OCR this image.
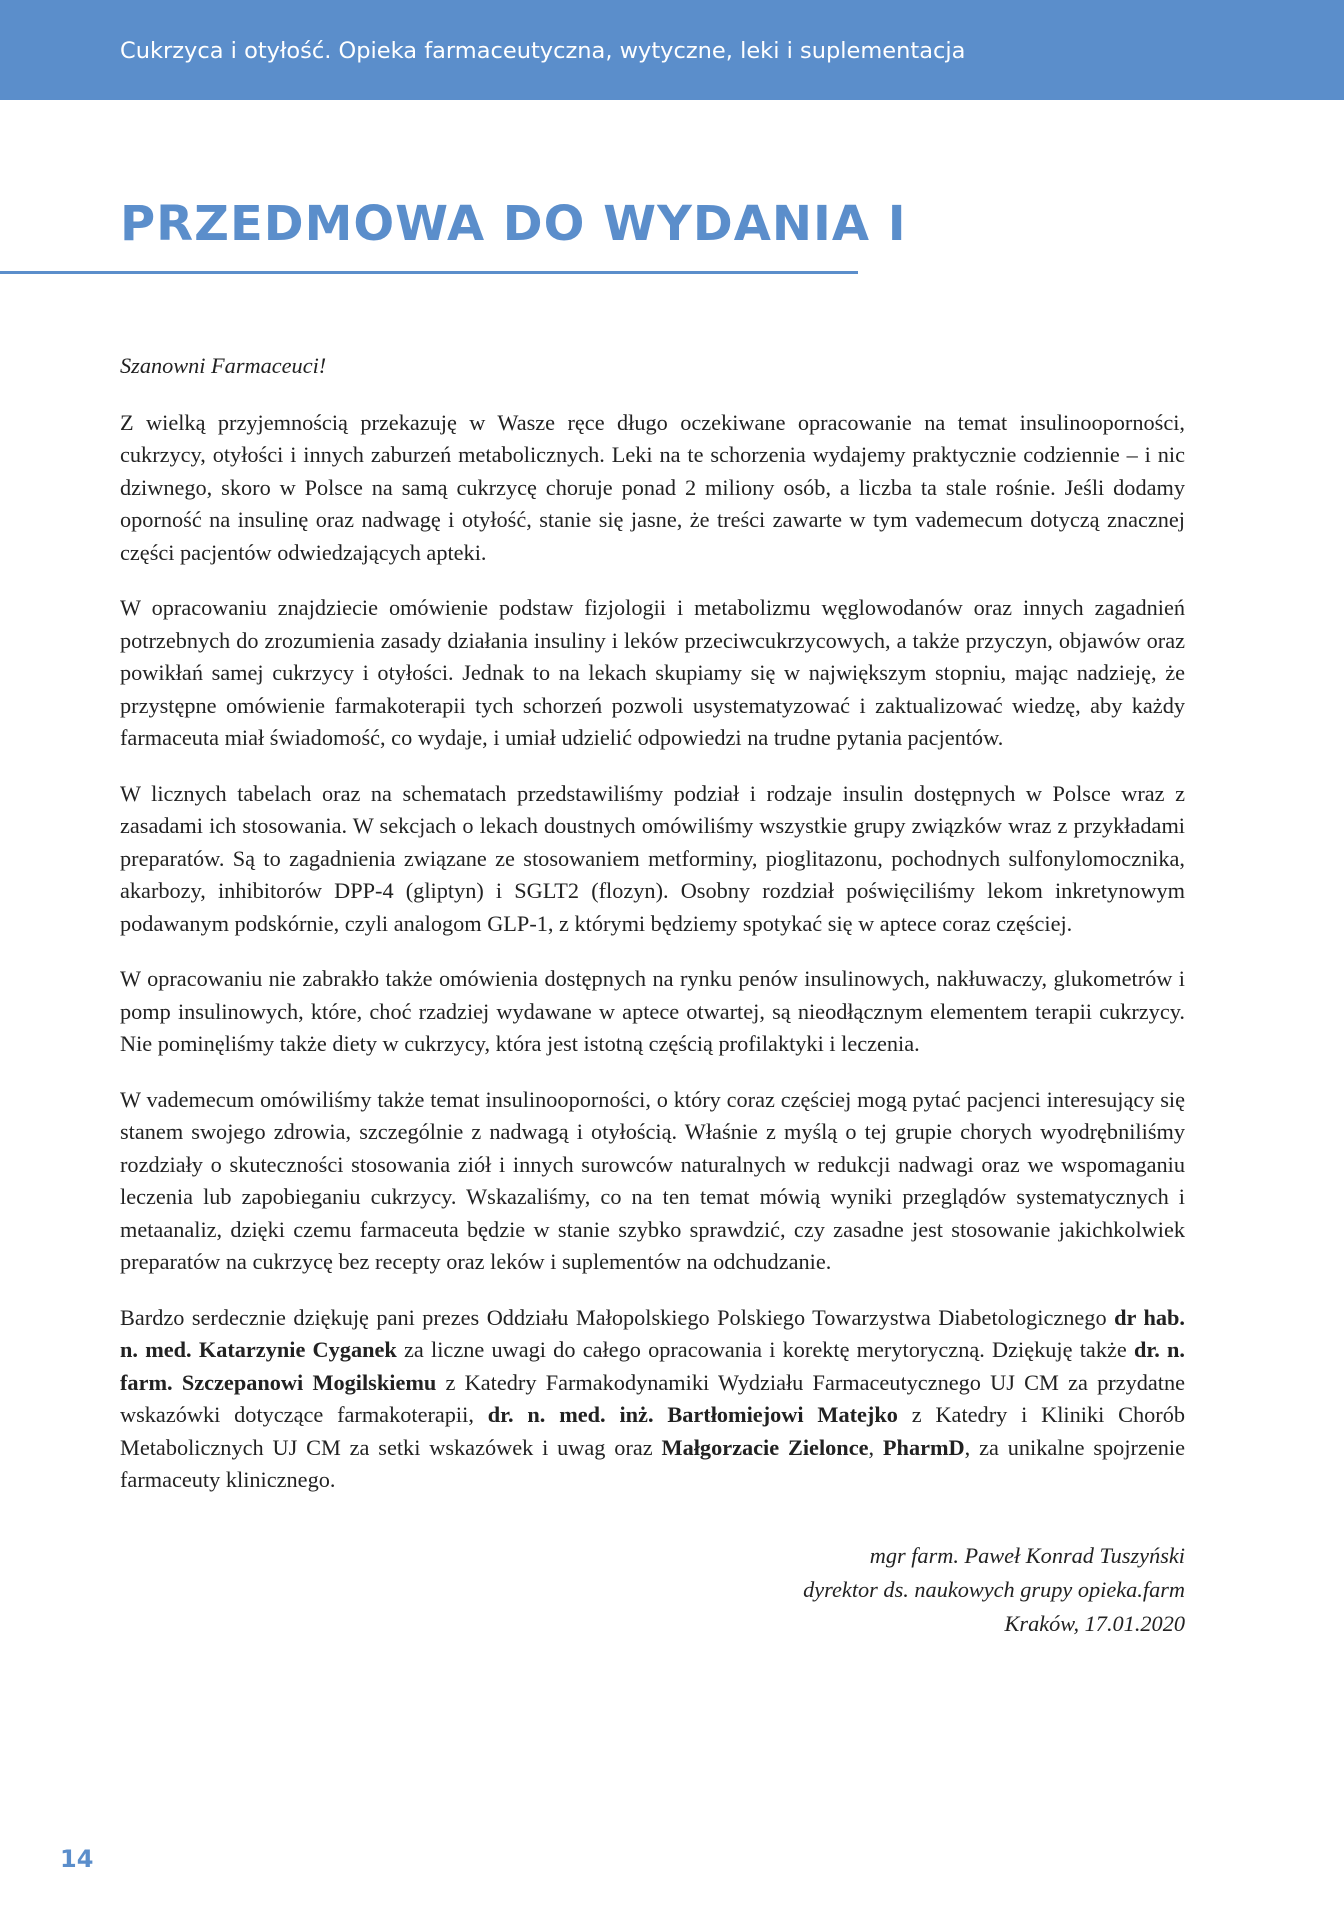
Cukrzyca i otyłość. Opieka farmaceutyczna, wytyczne, leki i suplementacja
PRZEDMOWA DO WYDANIA I

Szanowni Farmaceuci!

Z wielką przyjemnością przekazuję w Wasze ręce długo oczekiwane opracowanie na temat insulinooporności, cukrzycy, otyłości i innych zaburzeń metabolicznych. Leki na te schorzenia wydajemy praktycznie codziennie – i nic dziwnego, skoro w Polsce na samą cukrzycę choruje ponad 2 miliony osób, a liczba ta stale rośnie. Jeśli dodamy oporność na insulinę oraz nadwagę i otyłość, stanie się jasne, że treści zawarte w tym vademecum dotyczą znacznej części pacjentów odwiedzających apteki.

W opracowaniu znajdziecie omówienie podstaw fizjologii i metabolizmu węglowodanów oraz innych zagadnień potrzebnych do zrozumienia zasady działania insuliny i leków przeciwcukrzycowych, a także przyczyn, objawów oraz powikłań samej cukrzycy i otyłości. Jednak to na lekach skupiamy się w największym stopniu, mając nadzieję, że przystępne omówienie farmakoterapii tych schorzeń pozwoli usystematyzować i zaktualizować wiedzę, aby każdy farmaceuta miał świadomość, co wydaje, i umiał udzielić odpowiedzi na trudne pytania pacjentów.

W licznych tabelach oraz na schematach przedstawiliśmy podział i rodzaje insulin dostępnych w Polsce wraz z zasadami ich stosowania. W sekcjach o lekach doustnych omówiliśmy wszystkie grupy związków wraz z przykładami preparatów. Są to zagadnienia związane ze stosowaniem metforminy, pioglitazonu, pochodnych sulfonylomocznika, akarbozy, inhibitorów DPP-4 (gliptyn) i SGLT2 (flozyn). Osobny rozdział poświęciliśmy lekom inkretynowym podawanym podskórnie, czyli analogom GLP-1, z którymi będziemy spotykać się w aptece coraz częściej.

W opracowaniu nie zabrakło także omówienia dostępnych na rynku penów insulinowych, nakłuwaczy, glukometrów i pomp insulinowych, które, choć rzadziej wydawane w aptece otwartej, są nieodłącznym elementem terapii cukrzycy. Nie pominęliśmy także diety w cukrzycy, która jest istotną częścią profilaktyki i leczenia.

W vademecum omówiliśmy także temat insulinooporności, o który coraz częściej mogą pytać pacjenci interesujący się stanem swojego zdrowia, szczególnie z nadwagą i otyłością. Właśnie z myślą o tej grupie chorych wyodrębniliśmy rozdziały o skuteczności stosowania ziół i innych surowców naturalnych w redukcji nadwagi oraz we wspomaganiu leczenia lub zapobieganiu cukrzycy. Wskazaliśmy, co na ten temat mówią wyniki przeglądów systematycznych i metaanaliz, dzięki czemu farmaceuta będzie w stanie szybko sprawdzić, czy zasadne jest stosowanie jakichkolwiek preparatów na cukrzycę bez recepty oraz leków i suplementów na odchudzanie.

Bardzo serdecznie dziękuję pani prezes Oddziału Małopolskiego Polskiego Towarzystwa Diabetologicznego dr hab. n. med. Katarzynie Cyganek za liczne uwagi do całego opracowania i korektę merytoryczną. Dziękuję także dr. n. farm. Szczepanowi Mogilskiemu z Katedry Farmakodynamiki Wydziału Farmaceutycznego UJ CM za przydatne wskazówki dotyczące farmakoterapii, dr. n. med. inż. Bartłomiejowi Matejko z Katedry i Kliniki Chorób Metabolicznych UJ CM za setki wskazówek i uwag oraz Małgorzacie Zielonce, PharmD, za unikalne spojrzenie farmaceuty klinicznego.

mgr farm. Paweł Konrad Tuszyński
dyrektor ds. naukowych grupy opieka.farm
Kraków, 17.01.2020
14
